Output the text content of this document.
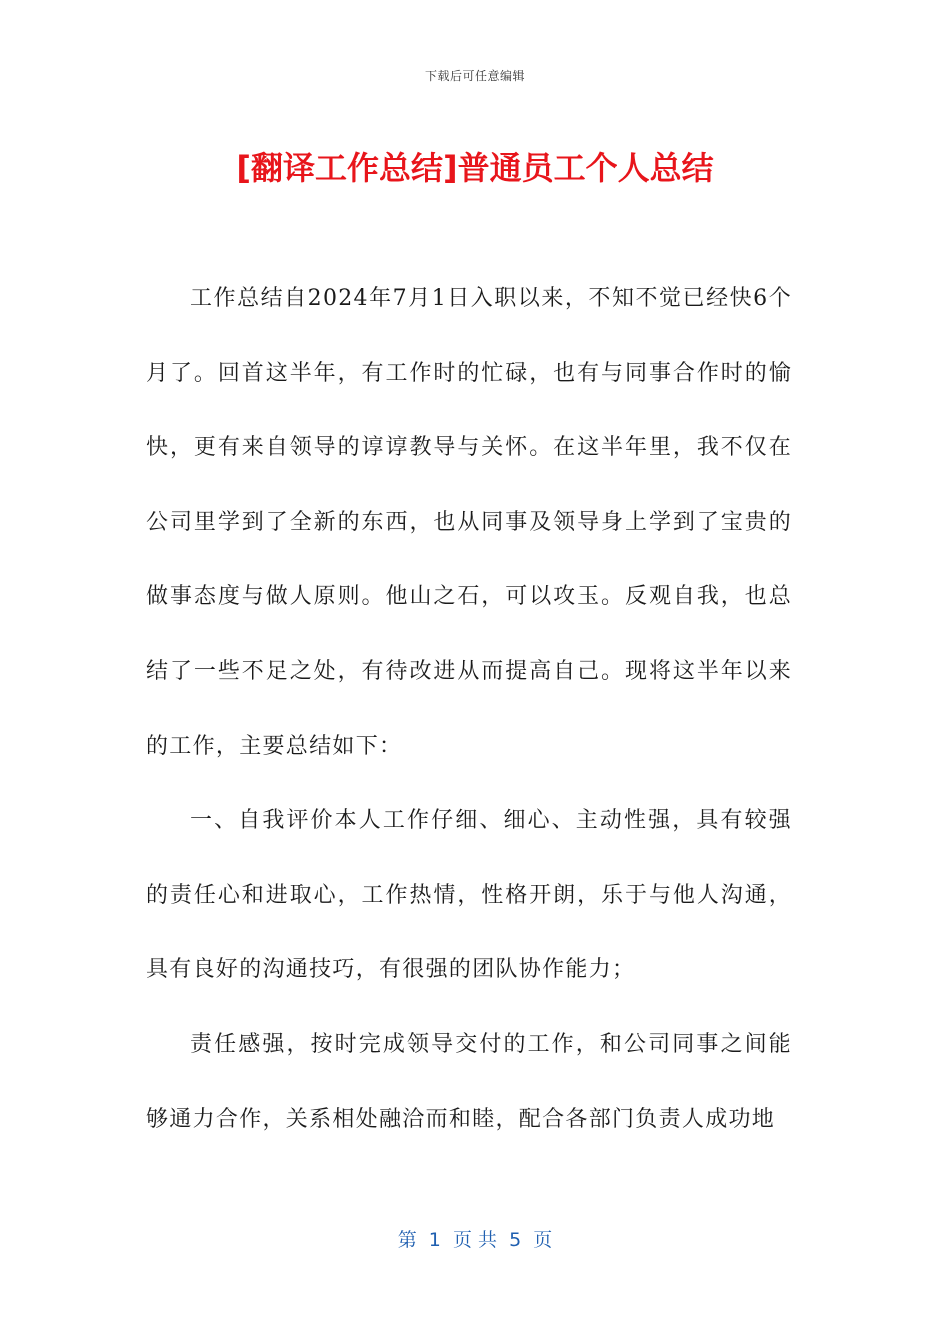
下载后可任意编辑
[翻译工作总结]普通员工个人总结

工作总结自2024年7月1日入职以来，不知不觉已经快6个月了。回首这半年，有工作时的忙碌，也有与同事合作时的愉快，更有来自领导的谆谆教导与关怀。在这半年里，我不仅在公司里学到了全新的东西，也从同事及领导身上学到了宝贵的做事态度与做人原则。他山之石，可以攻玉。反观自我，也总结了一些不足之处，有待改进从而提高自己。现将这半年以来的工作，主要总结如下：

一、自我评价本人工作仔细、细心、主动性强，具有较强的责任心和进取心，工作热情，性格开朗，乐于与他人沟通，具有良好的沟通技巧，有很强的团队协作能力；

责任感强，按时完成领导交付的工作，和公司同事之间能够通力合作，关系相处融洽而和睦，配合各部门负责人成功地

第  1  页 共  5  页
